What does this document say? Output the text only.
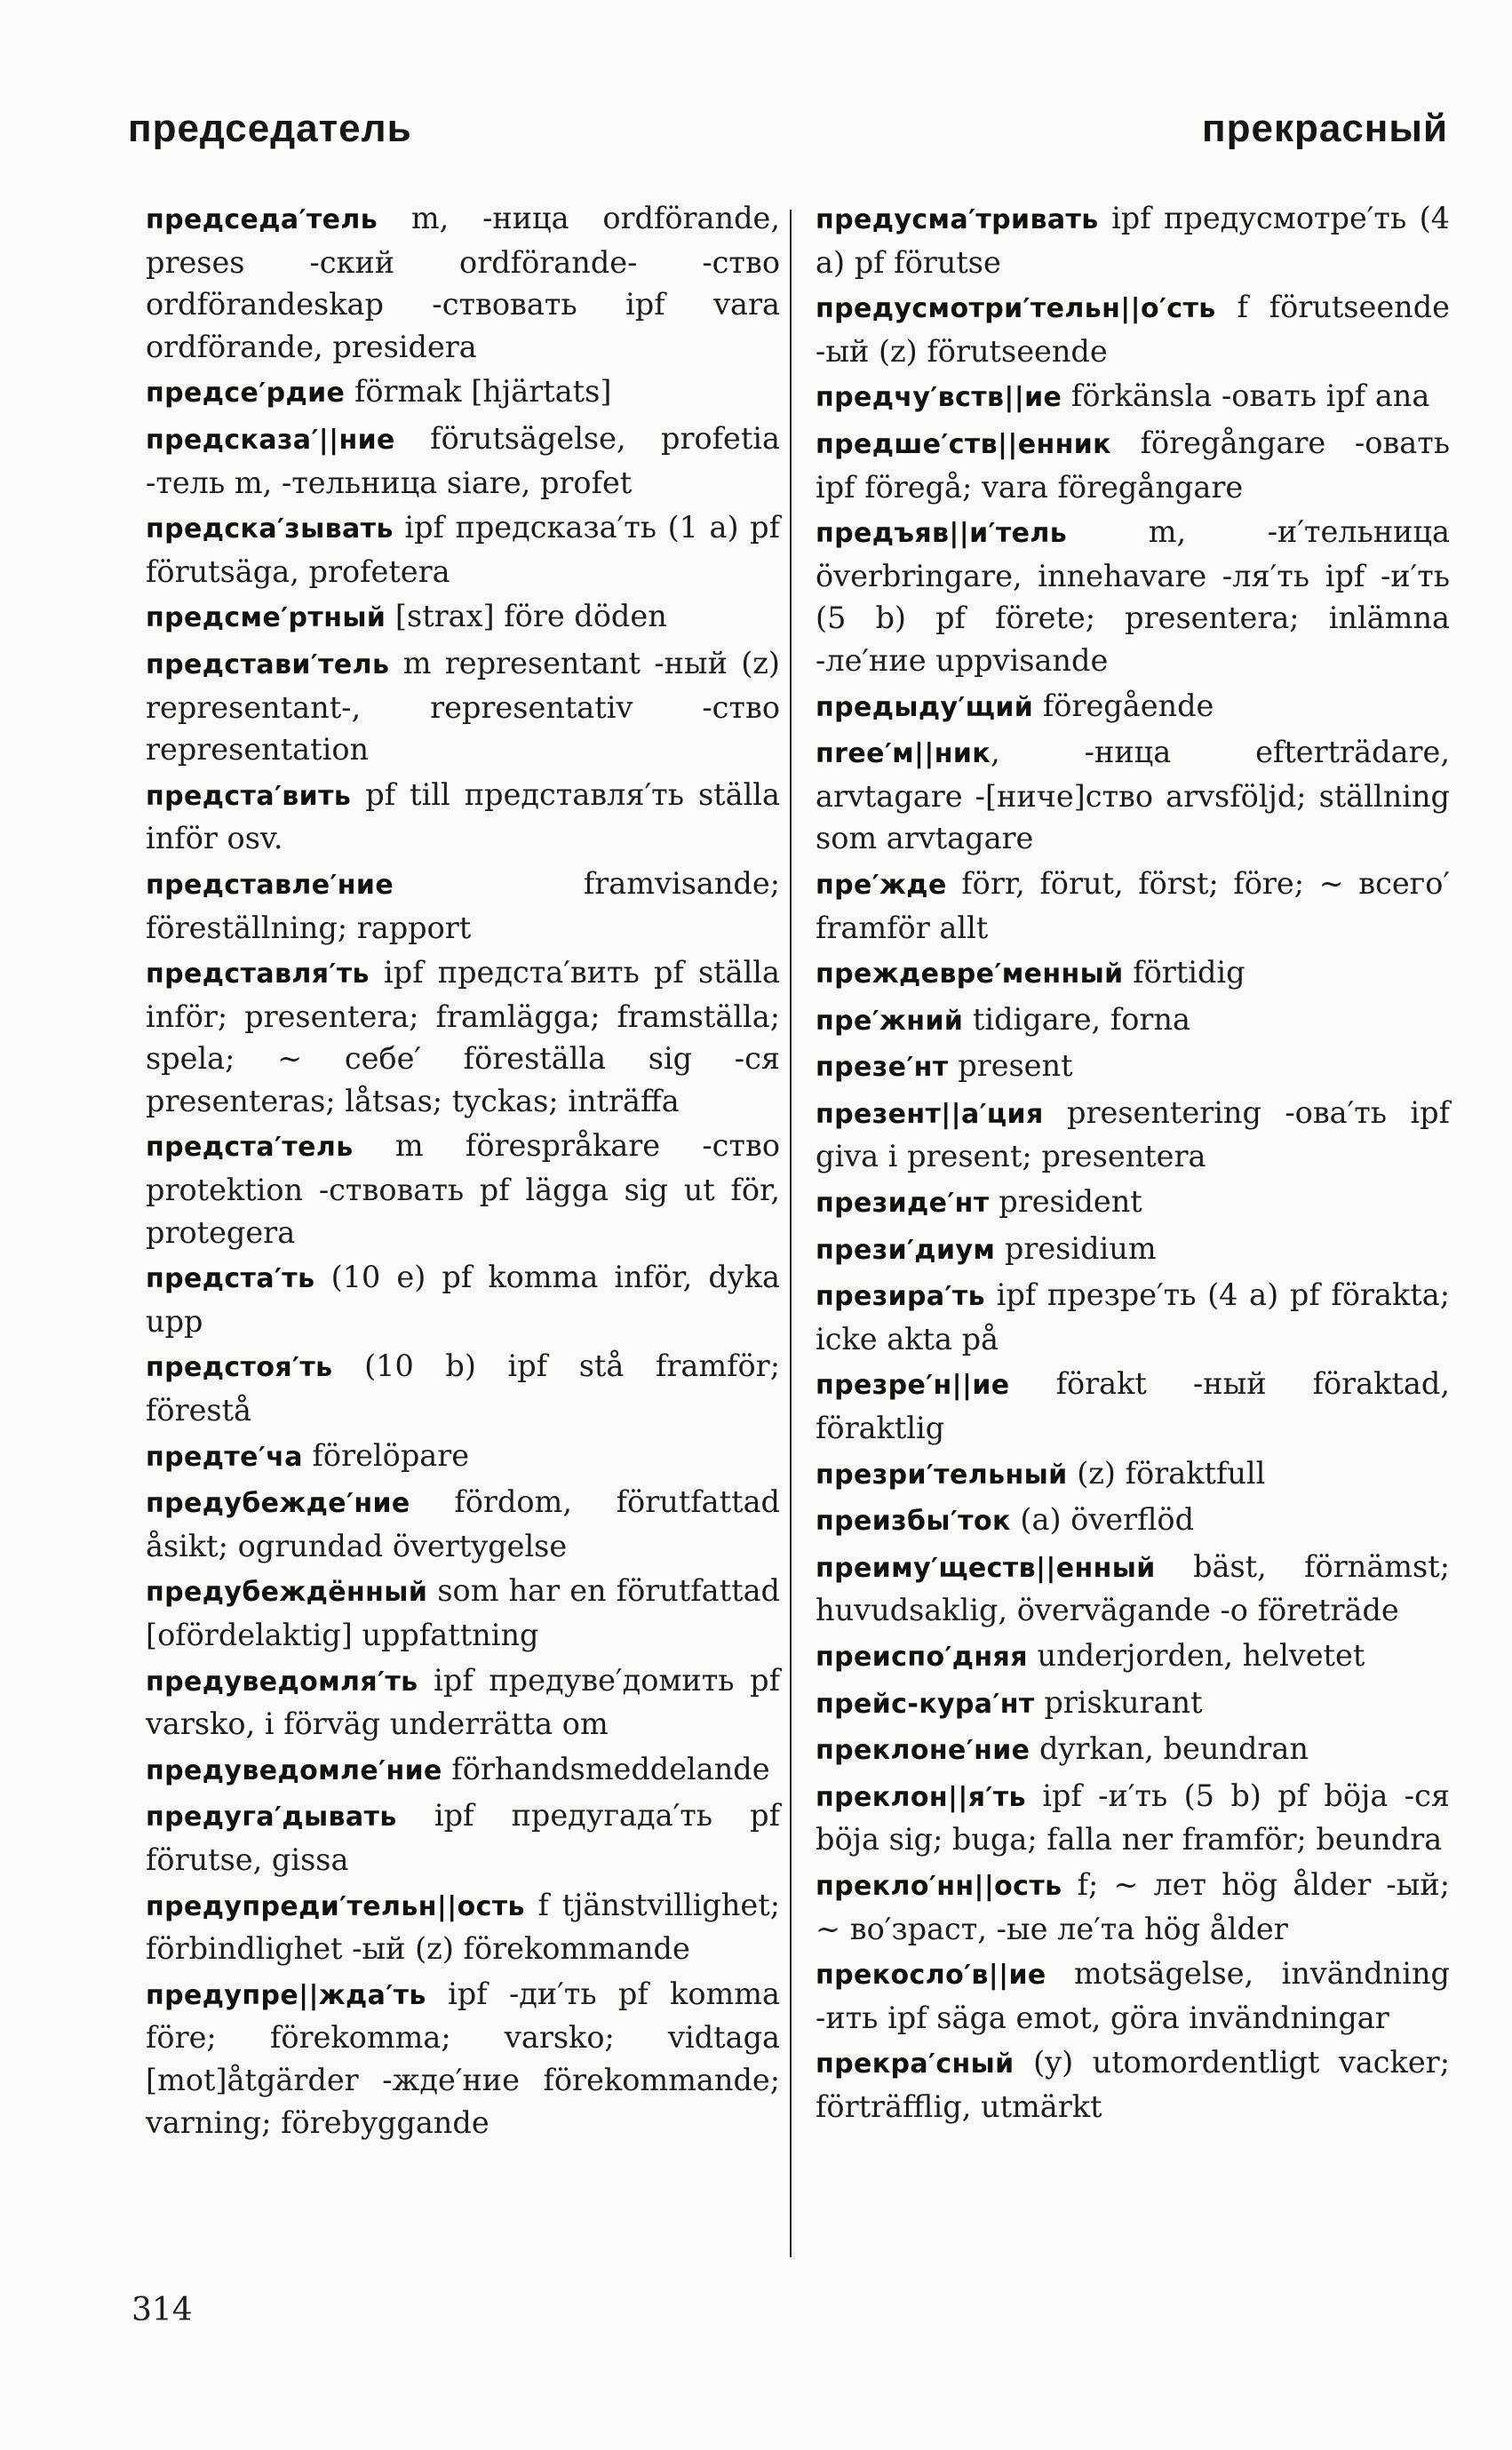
председатель	прекрасный
председа′тель m, -ница ordförande, preses -ский ordförande- -ство ordförandeskap -ствовать ipf vara ordförande, presidera
предсе′рдие förmak [hjärtats]
предсказа′||ние förutsägelse, profetia -тель m, -тельница siare, profet
предска′зывать ipf предсказа′ть (1 a) pf förutsäga, profetera
предсме′ртный [strax] före döden
представи′тель m representant -ный (z) representant-, representativ -ство representation
предста′вить pf till представля′ть ställa inför osv.
представле′ние framvisande; föreställning; rapport
представля′ть ipf предста′вить pf ställa inför; presentera; framlägga; framställa; spela; ~ себе′ föreställa sig -ся presenteras; låtsas; tyckas; inträffa
предста′тель m förespråkare -ство protektion -ствовать pf lägga sig ut för, protegera
предста′ть (10 e) pf komma inför, dyka upp
предстоя′ть (10 b) ipf stå framför; förestå
предте′ча förelöpare
предубежде′ние fördom, förutfattad åsikt; ogrundad övertygelse
предубеждённый som har en förutfattad [ofördelaktig] uppfattning
предуведомля′ть ipf предуве′домить pf varsko, i förväg underrätta om
предуведомле′ние förhandsmeddelande
предуга′дывать ipf предугада′ть pf förutse, gissa
предупреди′тельн||ость f tjänstvillighet; förbindlighet -ый (z) förekommande
предупре||жда′ть ipf -ди′ть pf komma före; förekomma; varsko; vidtaga [mot]åtgärder -жде′ние förekommande; varning; förebyggande
предусма′тривать ipf предусмотре′ть (4 a) pf förutse
предусмотри′тельн||о′сть f förutseende -ый (z) förutseende
предчу′вств||ие förkänsla -овать ipf ana
предше′ств||енник föregångare -овать ipf föregå; vara föregångare
предъяв||и′тель m, -и′тельница överbringare, innehavare -ля′ть ipf -и′ть (5 b) pf förete; presentera; inlämna -ле′ние uppvisande
предыду′щий föregående
пree′м||ник, -ница efterträdare, arvtagare -[ниче]ство arvsföljd; ställning som arvtagare
пре′жде förr, förut, först; före; ~ всего′ framför allt
преждевре′менный förtidig
пре′жний tidigare, forna
презе′нт present
презент||а′ция presentering -ова′ть ipf giva i present; presentera
президе′нт president
прези′диум presidium
презира′ть ipf презре′ть (4 a) pf förakta; icke akta på
презре′н||ие förakt -ный föraktad, föraktlig
презри′тельный (z) föraktfull
преизбы′ток (a) överflöd
преиму′ществ||енный bäst, förnämst; huvudsaklig, övervägande -о företräde
преиспо′дняя underjorden, helvetet
прейс-кура′нт priskurant
преклоне′ние dyrkan, beundran
преклон||я′ть ipf -и′ть (5 b) pf böja -ся böja sig; buga; falla ner framför; beundra
прекло′нн||ость f; ~ лет hög ålder -ый; ~ во′зраст, -ые ле′та hög ålder
прекосло′в||ие motsägelse, invändning -ить ipf säga emot, göra invändningar
прекра′сный (y) utomordentligt vacker; förträfflig, utmärkt
314
